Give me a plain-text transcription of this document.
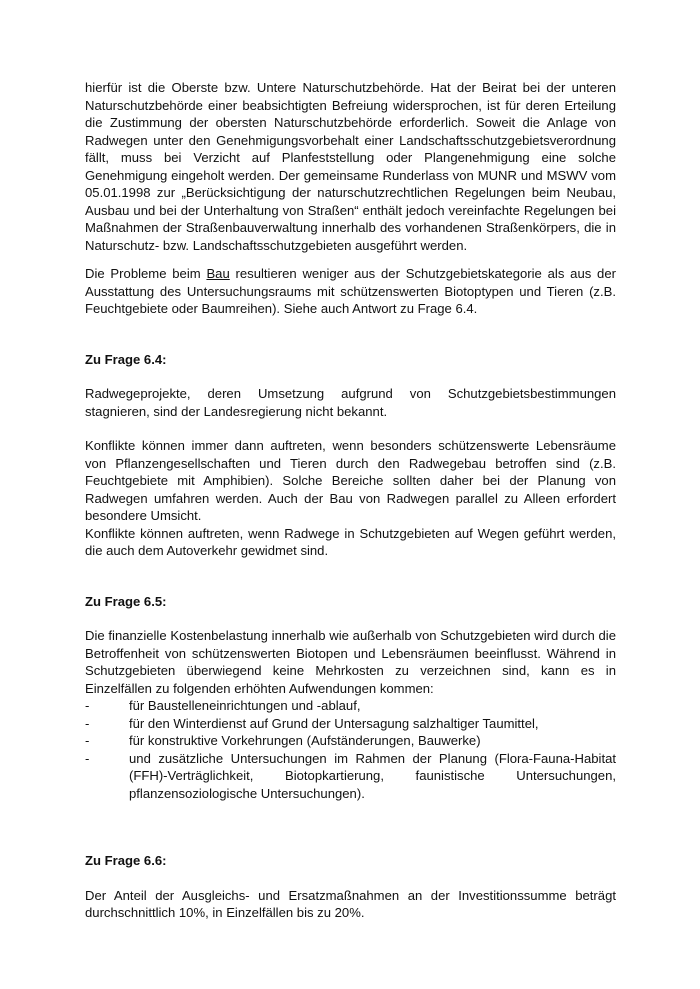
hierfür ist die Oberste bzw. Untere Naturschutzbehörde. Hat der Beirat bei der unteren Naturschutzbehörde einer beabsichtigten Befreiung widersprochen, ist für deren Erteilung die Zustimmung der obersten Naturschutzbehörde erforderlich. Soweit die Anlage von Radwegen unter den Genehmigungsvorbehalt einer Landschaftsschutzgebietsverordnung fällt, muss bei Verzicht auf Planfeststellung oder Plangenehmigung eine solche Genehmigung eingeholt werden. Der gemeinsame Runderlass von MUNR und MSWV vom 05.01.1998 zur „Berücksichtigung der naturschutzrechtlichen Regelungen beim Neubau, Ausbau und bei der Unterhaltung von Straßen“ enthält jedoch vereinfachte Regelungen bei Maßnahmen der Straßenbauverwaltung innerhalb des vorhandenen Straßenkörpers, die in Naturschutz- bzw. Landschaftsschutzgebieten ausgeführt werden.

Die Probleme beim Bau resultieren weniger aus der Schutzgebietskategorie als aus der Ausstattung des Untersuchungsraums mit schützenswerten Biotoptypen und Tieren (z.B. Feuchtgebiete oder Baumreihen). Siehe auch Antwort zu Frage 6.4.

Zu Frage 6.4:

Radwegeprojekte, deren Umsetzung aufgrund von Schutzgebietsbestimmungen stagnieren, sind der Landesregierung nicht bekannt.

Konflikte können immer dann auftreten, wenn besonders schützenswerte Lebensräume von Pflanzengesellschaften und Tieren durch den Radwegebau betroffen sind (z.B. Feuchtgebiete mit Amphibien). Solche Bereiche sollten daher bei der Planung von Radwegen umfahren werden. Auch der Bau von Radwegen parallel zu Alleen erfordert besondere Umsicht.

Konflikte können auftreten, wenn Radwege in Schutzgebieten auf Wegen geführt werden, die auch dem Autoverkehr gewidmet sind.

Zu Frage 6.5:

Die finanzielle Kostenbelastung innerhalb wie außerhalb von Schutzgebieten wird durch die Betroffenheit von schützenswerten Biotopen und Lebensräumen beeinflusst. Während in Schutzgebieten überwiegend keine Mehrkosten zu verzeichnen sind, kann es in Einzelfällen zu folgenden erhöhten Aufwendungen kommen:

-	für Baustelleneinrichtungen und -ablauf,
-	für den Winterdienst auf Grund der Untersagung salzhaltiger Taumittel,
-	für konstruktive Vorkehrungen (Aufständerungen, Bauwerke)
-	und zusätzliche Untersuchungen im Rahmen der Planung (Flora-Fauna-Habitat (FFH)-Verträglichkeit, Biotopkartierung, faunistische Untersuchungen, pflanzensoziologische Untersuchungen).

Zu Frage 6.6:

Der Anteil der Ausgleichs- und Ersatzmaßnahmen an der Investitionssumme beträgt durchschnittlich 10%, in Einzelfällen bis zu 20%.
